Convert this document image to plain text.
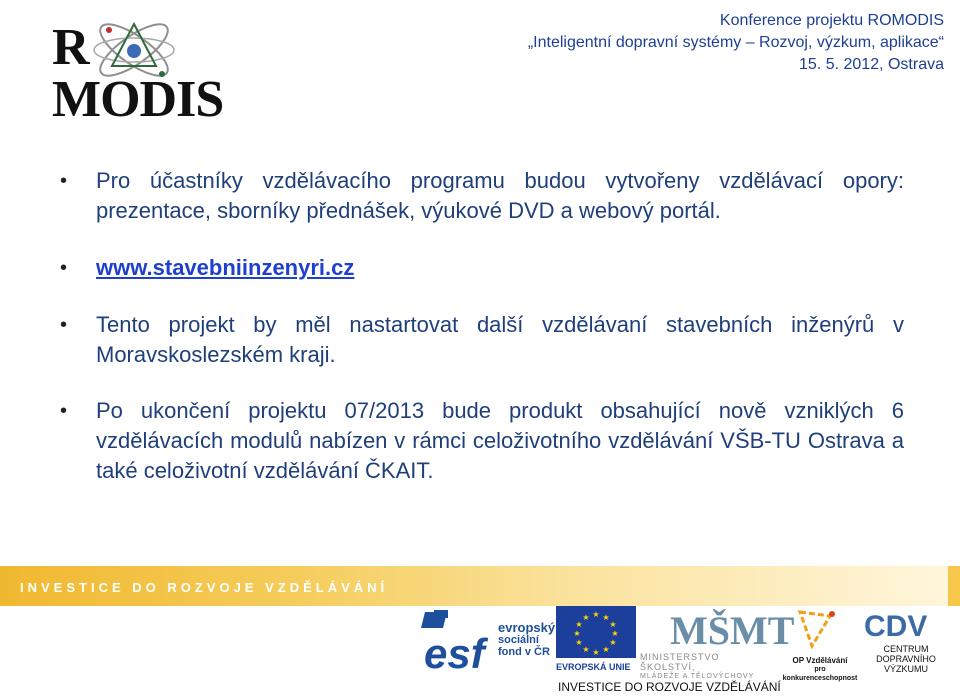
RMODIS
Konference projektu ROMODIS
„Inteligentní dopravní systémy – Rozvoj, výzkum, aplikace“
15. 5. 2012, Ostrava
• Pro účastníky vzdělávacího programu budou vytvořeny vzdělávací opory: prezentace, sborníky přednášek, výukové DVD a webový portál.
• www.stavebniinzenyri.cz
• Tento projekt by měl nastartovat další vzdělávaní stavebních inženýrů v Moravskoslezském kraji.
• Po ukončení projektu 07/2013 bude produkt obsahující nově vzniklých 6 vzdělávacích modulů nabízen v rámci celoživotního vzdělávání VŠB-TU Ostrava a také celoživotní vzdělávání ČKAIT.
INVESTICE DO ROZVOJE VZDĚLÁVÁNÍ
esf
evropský
sociální
fond v ČR
★ ★
★
★
★
★
★
★
★
★
★
★
EVROPSKÁ UNIE
MŠMT
MINISTERSTVO ŠKOLSTVÍ,
MLÁDEŽE A TĚLOVÝCHOVY
OP Vzdělávání
pro konkurenceschopnost
CDV
CENTRUM
DOPRAVNÍHO
VÝZKUMU
INVESTICE DO ROZVOJE VZDĚLÁVÁNÍ
